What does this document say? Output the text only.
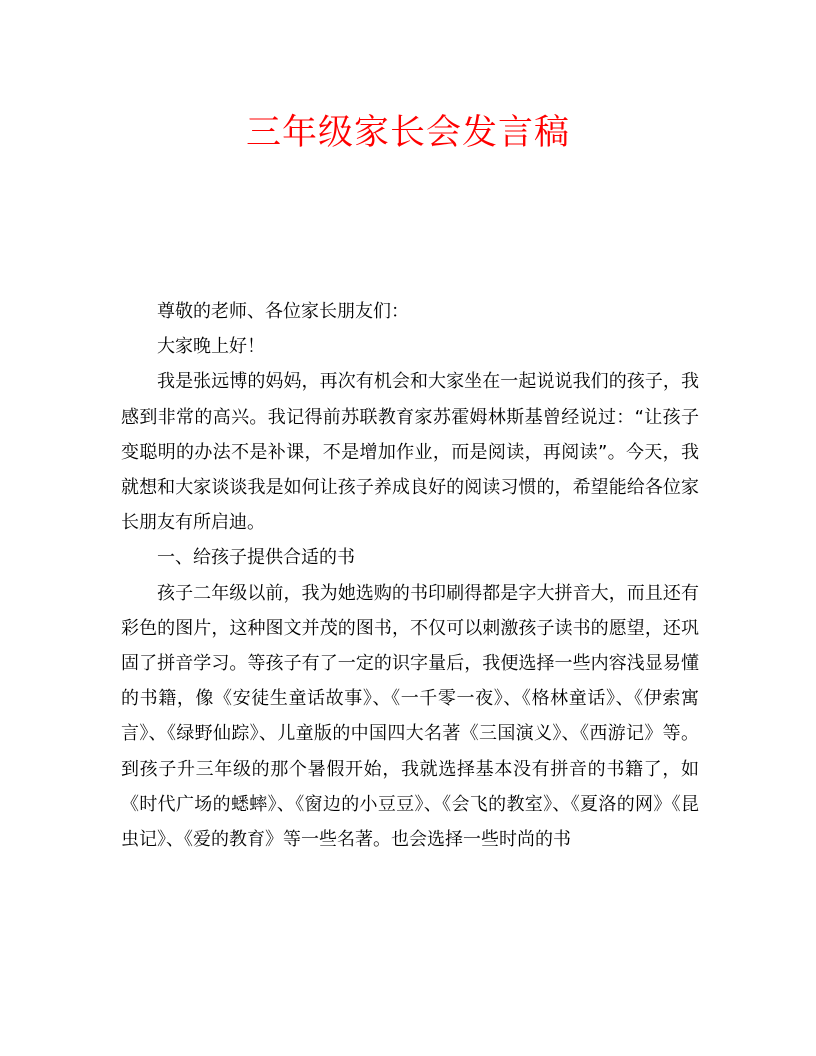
三年级家长会发言稿

尊敬的老师、各位家长朋友们：

大家晚上好！

我是张远博的妈妈，再次有机会和大家坐在一起说说我们的孩子，我感到非常的高兴。我记得前苏联教育家苏霍姆林斯基曾经说过：“让孩子变聪明的办法不是补课，不是增加作业，而是阅读，再阅读”。今天，我就想和大家谈谈我是如何让孩子养成良好的阅读习惯的，希望能给各位家长朋友有所启迪。

一、给孩子提供合适的书

孩子二年级以前，我为她选购的书印刷得都是字大拼音大，而且还有彩色的图片，这种图文并茂的图书，不仅可以刺激孩子读书的愿望，还巩固了拼音学习。等孩子有了一定的识字量后，我便选择一些内容浅显易懂的书籍，像《安徒生童话故事》、《一千零一夜》、《格林童话》、《伊索寓言》、《绿野仙踪》、儿童版的中国四大名著《三国演义》、《西游记》等。到孩子升三年级的那个暑假开始，我就选择基本没有拼音的书籍了，如《时代广场的蟋蟀》、《窗边的小豆豆》、《会飞的教室》、《夏洛的网》《昆虫记》、《爱的教育》等一些名著。也会选择一些时尚的书
